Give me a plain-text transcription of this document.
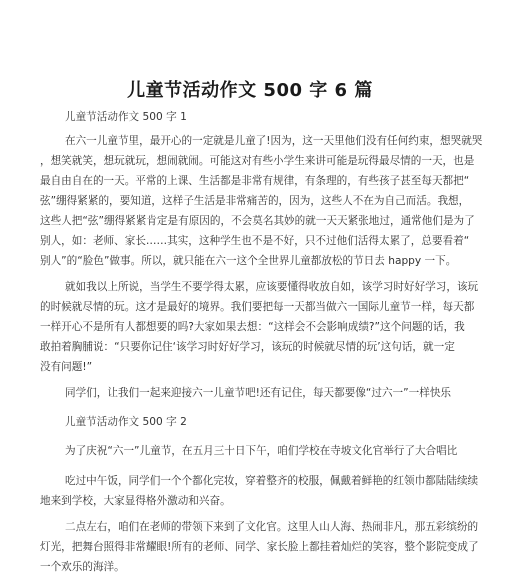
儿童节活动作文 500 字 6 篇
儿童节活动作文 500 字 1
在六一儿童节里，最开心的一定就是儿童了!因为，这一天里他们没有任何约束，想哭就哭
，想笑就笑，想玩就玩，想闹就闹。可能这对有些小学生来讲可能是玩得最尽情的一天，也是
最自由自在的一天。平常的上课、生活都是非常有规律，有条理的，有些孩子甚至每天都把“
弦”绷得紧紧的，要知道，这样子生活是非常痛苦的，因为，这些人不在为自己而活。我想，
这些人把“弦”绷得紧紧肯定是有原因的，不会莫名其妙的就一天天紧张地过，通常他们是为了
别人，如：老师、家长……其实，这种学生也不是不好，只不过他们活得太累了，总要看着“
别人”的“脸色”做事。所以，就只能在六一这个全世界儿童都放松的节日去 happy 一下。
就如我以上所说，当学生不要学得太累，应该要懂得收放自如，该学习时好好学习，该玩
的时候就尽情的玩。这才是最好的境界。我们要把每一天都当做六一国际儿童节一样，每天都
一样开心不是所有人都想要的吗?大家如果去想：“这样会不会影响成绩?”这个问题的话，我
敢拍着胸脯说：“只要你记住‘该学习时好好学习，该玩的时候就尽情的玩’这句话，就一定
没有问题!”
同学们，让我们一起来迎接六一儿童节吧!还有记住，每天都要像“过六一”一样快乐
儿童节活动作文 500 字 2
为了庆祝“六一”儿童节，在五月三十日下午，咱们学校在寺坡文化官举行了大合唱比
吃过中午饭，同学们一个个都化完妆，穿着整齐的校服，佩戴着鲜艳的红领巾都陆陆续续
地来到学校，大家显得格外激动和兴奋。
二点左右，咱们在老师的带领下来到了文化官。这里人山人海、热闹非凡，那五彩缤纷的
灯光，把舞台照得非常耀眼!所有的老师、同学、家长脸上都挂着灿烂的笑容，整个影院变成了
一个欢乐的海洋。
